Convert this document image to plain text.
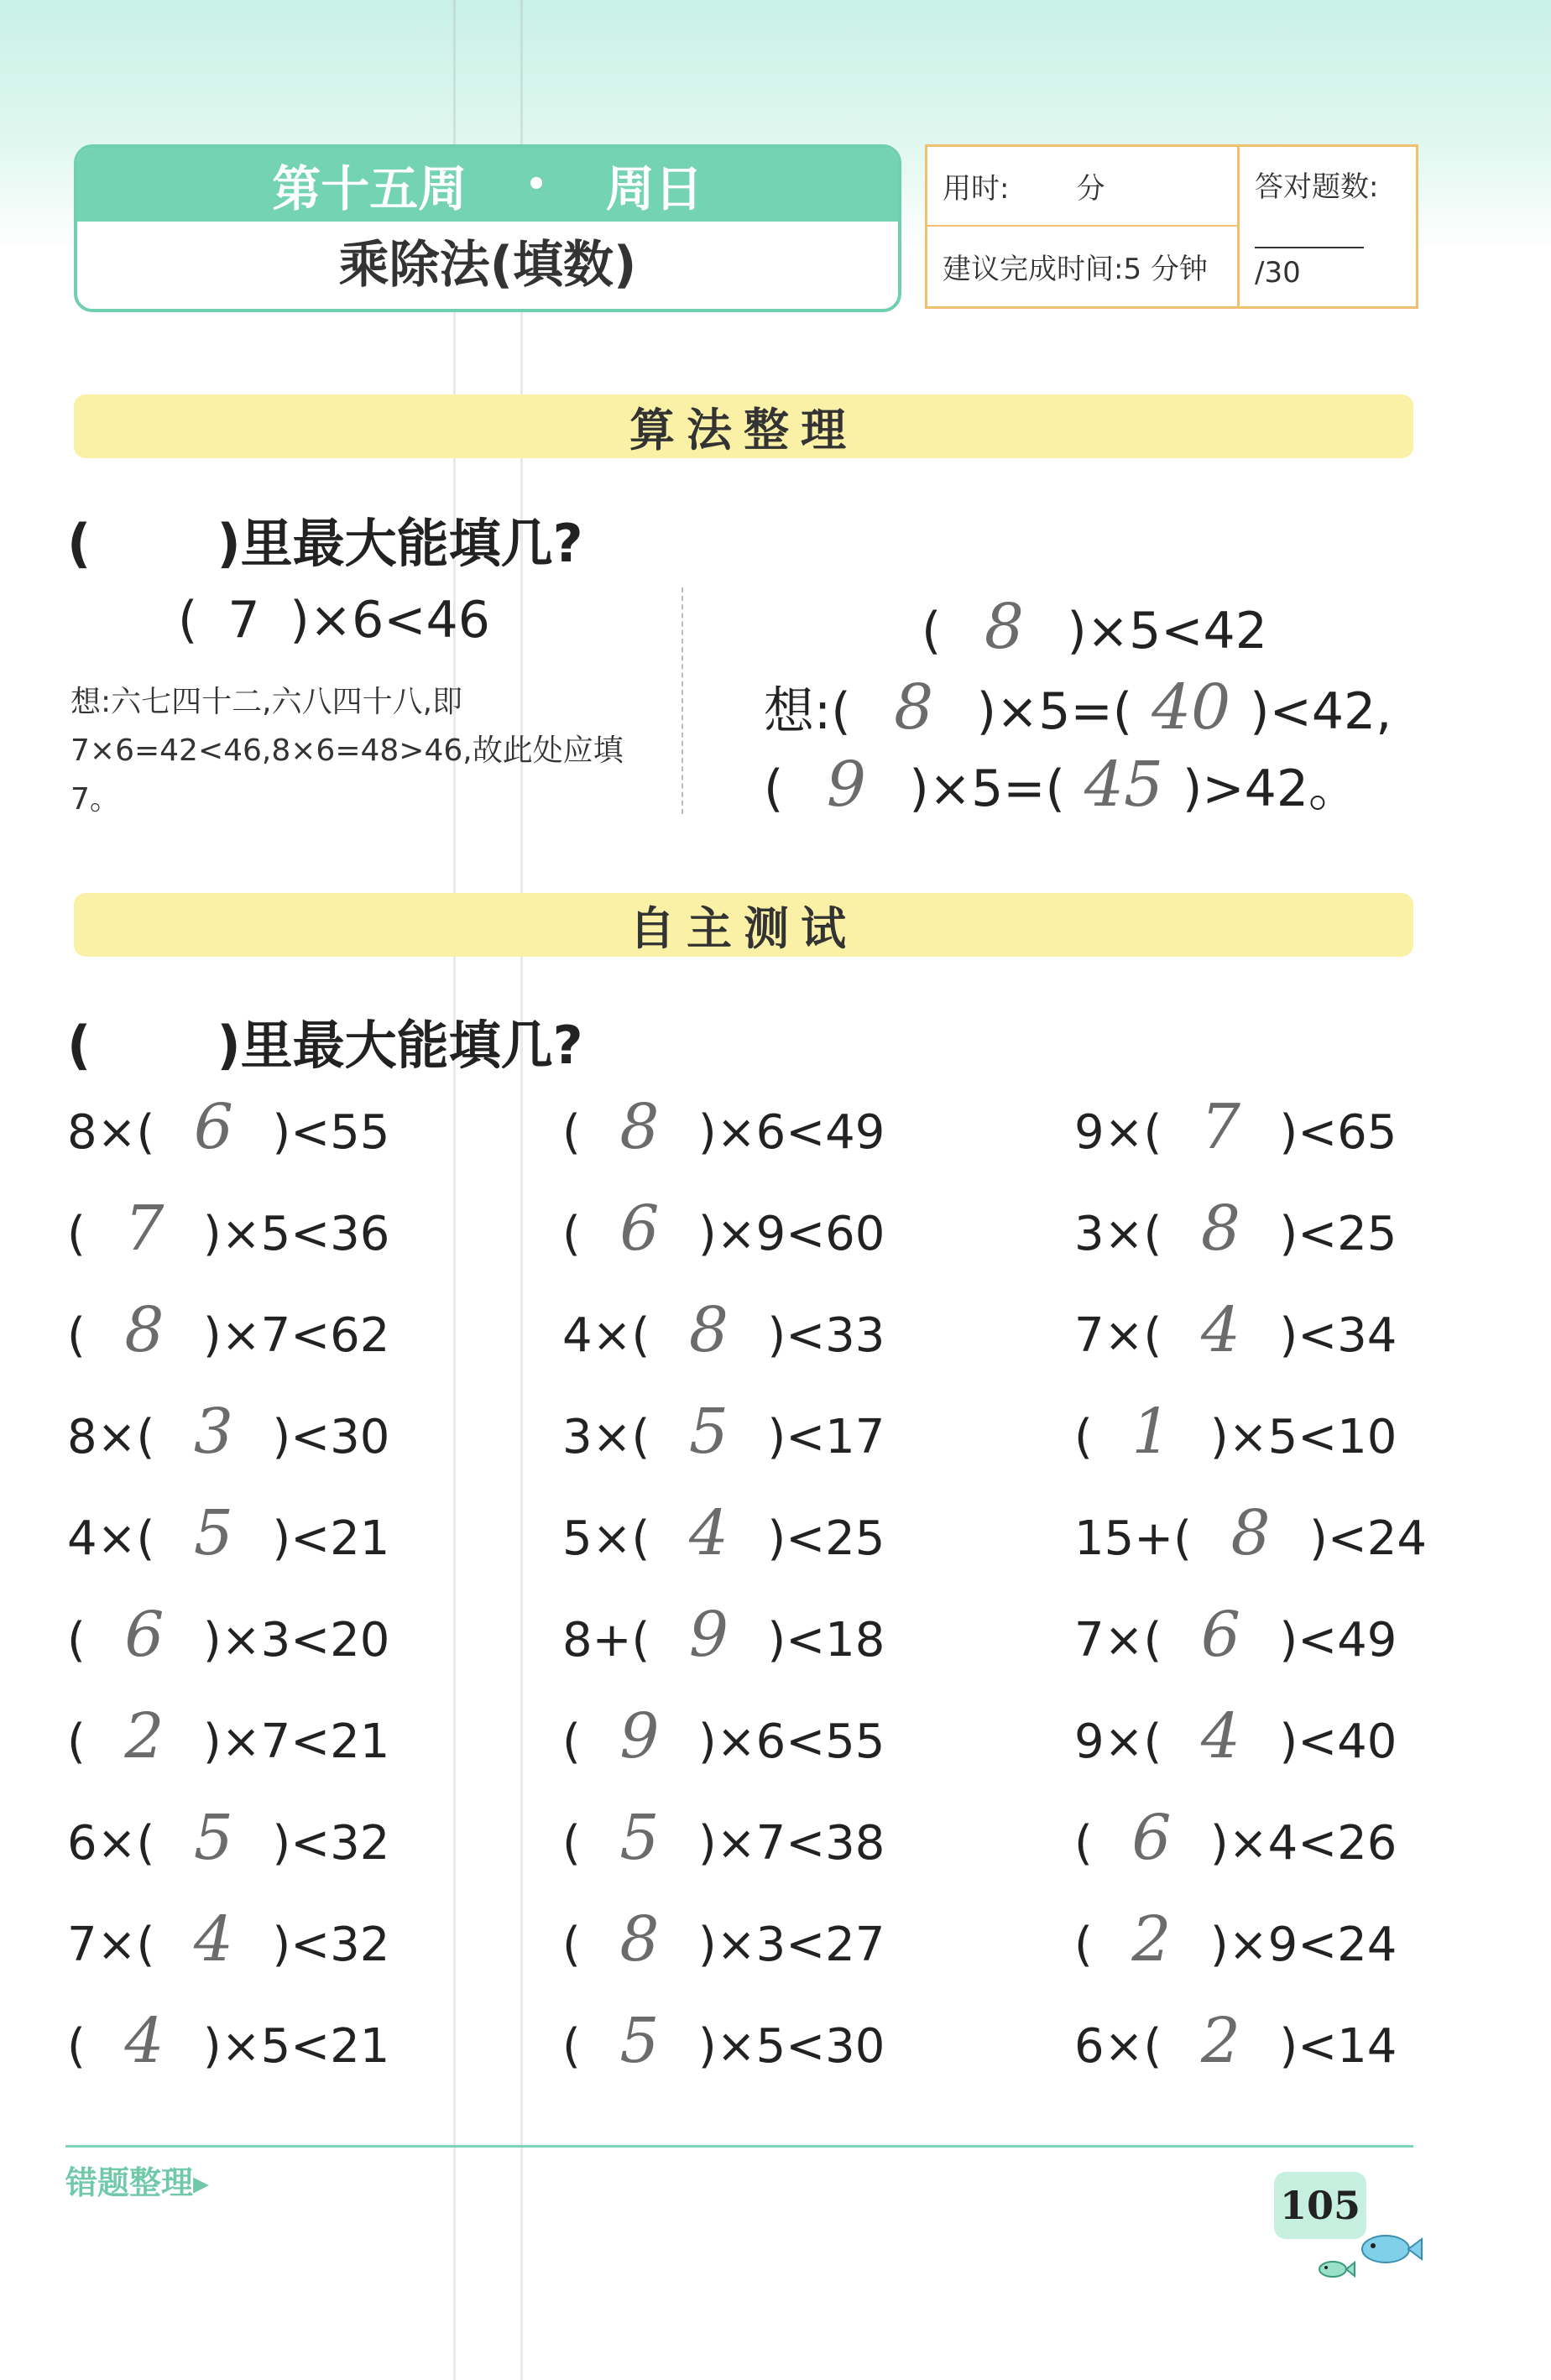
第十五周 • 周日
乘除法(填数)
用时: 分	答对题数:
/30
建议完成时间:5 分钟
算法整理
( )里最大能填几?
( 7 )×6<46
想:六七四十二,六八四十八,即 7×6=42<46,8×6=48>46,故此处应填 7。
( 8 )×5<42
想:( 8 )×5=( 40 )<42,
( 9 )×5=( 45 )>42。
自主测试
( )里最大能填几?
8×( 6 )<55	( 8 )×6<49	9×( 7 )<65
( 7 )×5<36	( 6 )×9<60	3×( 8 )<25
( 8 )×7<62	4×( 8 )<33	7×( 4 )<34
8×( 3 )<30	3×( 5 )<17	( 1 )×5<10
4×( 5 )<21	5×( 4 )<25	15+( 8 )<24
( 6 )×3<20	8+( 9 )<18	7×( 6 )<49
( 2 )×7<21	( 9 )×6<55	9×( 4 )<40
6×( 5 )<32	( 5 )×7<38	( 6 )×4<26
7×( 4 )<32	( 8 )×3<27	( 2 )×9<24
( 4 )×5<21	( 5 )×5<30	6×( 2 )<14
错题整理▸	105
